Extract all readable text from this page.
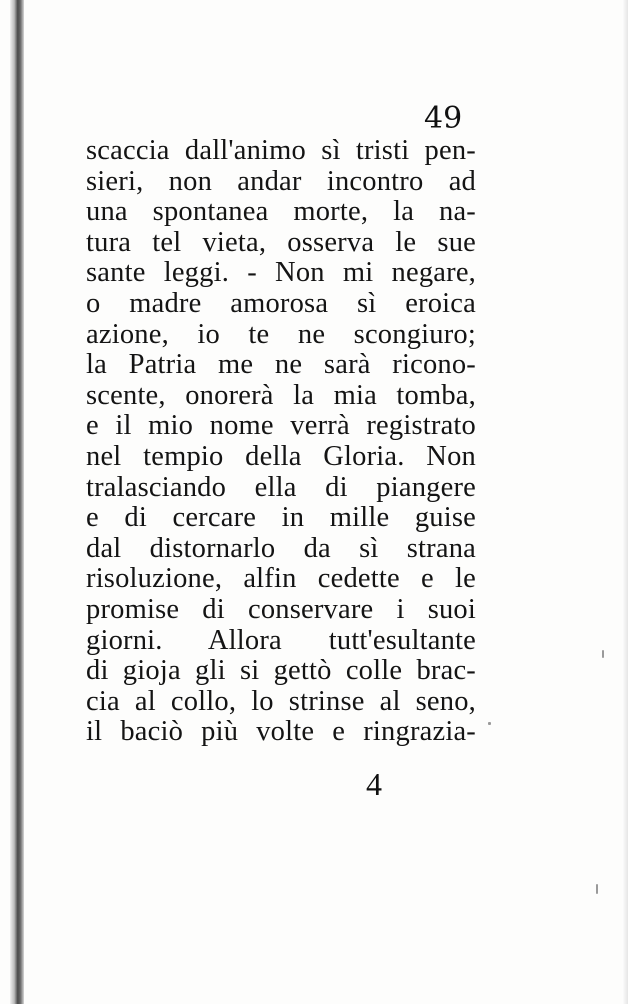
49
scaccia dall'animo sì tristi pen-
sieri, non andar incontro ad
una spontanea morte, la na-
tura tel vieta, osserva le sue
sante leggi. - Non mi negare,
o madre amorosa sì eroica
azione, io te ne scongiuro;
la Patria me ne sarà ricono-
scente, onorerà la mia tomba,
e il mio nome verrà registrato
nel tempio della Gloria. Non
tralasciando ella di piangere
e di cercare in mille guise
dal distornarlo da sì strana
risoluzione, alfin cedette e le
promise di conservare i suoi
giorni. Allora tutt'esultante
di gioja gli si gettò colle brac-
cia al collo, lo strinse al seno,
il baciò più volte e ringrazia-
4
